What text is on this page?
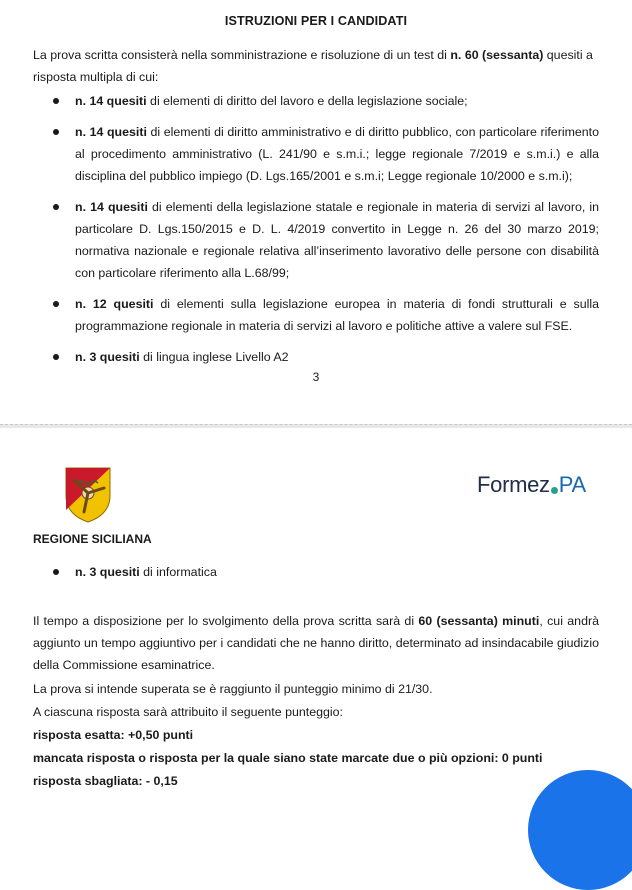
ISTRUZIONI PER I CANDIDATI
La prova scritta consisterà nella somministrazione e risoluzione di un test di n. 60 (sessanta) quesiti a risposta multipla di cui:
n. 14 quesiti di elementi di diritto del lavoro e della legislazione sociale;
n. 14 quesiti di elementi di diritto amministrativo e di diritto pubblico, con particolare riferimento al procedimento amministrativo (L. 241/90 e s.m.i.; legge regionale 7/2019 e s.m.i.) e alla disciplina del pubblico impiego (D. Lgs.165/2001 e s.m.i; Legge regionale 10/2000 e s.m.i);
n. 14 quesiti di elementi della legislazione statale e regionale in materia di servizi al lavoro, in particolare D. Lgs.150/2015 e D. L. 4/2019 convertito in Legge n. 26 del 30 marzo 2019; normativa nazionale e regionale relativa all’inserimento lavorativo delle persone con disabilità con particolare riferimento alla L.68/99;
n. 12 quesiti di elementi sulla legislazione europea in materia di fondi strutturali e sulla programmazione regionale in materia di servizi al lavoro e politiche attive a valere sul FSE.
n. 3 quesiti di lingua inglese Livello A2
3
Formez PA
REGIONE SICILIANA
n. 3 quesiti di informatica
Il tempo a disposizione per lo svolgimento della prova scritta sarà di 60 (sessanta) minuti, cui andrà aggiunto un tempo aggiuntivo per i candidati che ne hanno diritto, determinato ad insindacabile giudizio della Commissione esaminatrice.
La prova si intende superata se è raggiunto il punteggio minimo di 21/30.
A ciascuna risposta sarà attribuito il seguente punteggio:
risposta esatta: +0,50 punti
mancata risposta o risposta per la quale siano state marcate due o più opzioni: 0 punti
risposta sbagliata: - 0,15
